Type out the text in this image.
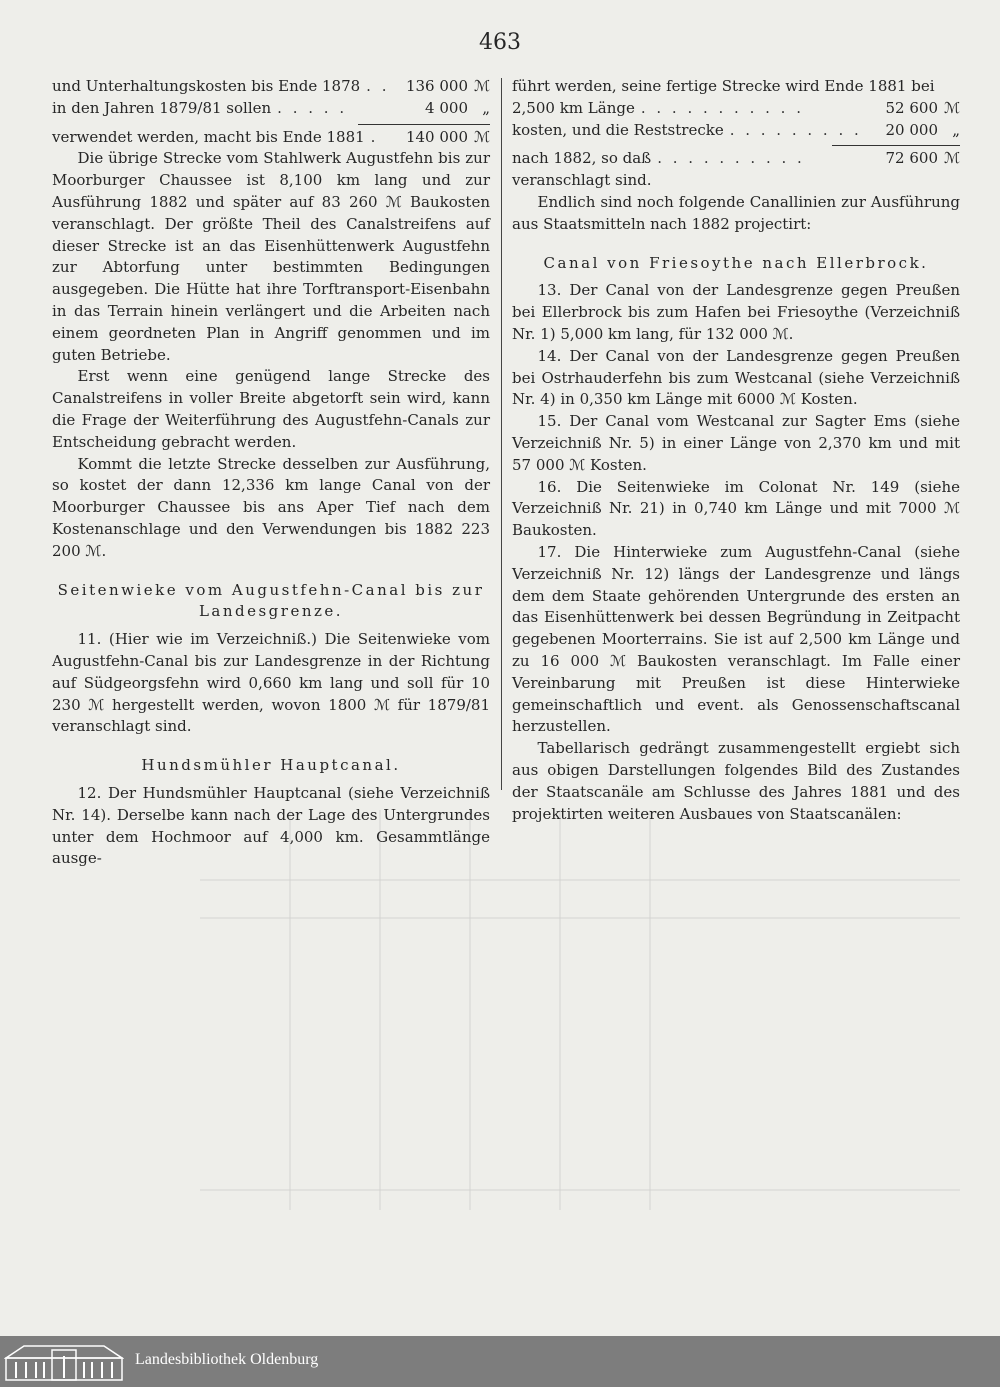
463
und Unterhaltungskosten bis Ende 1878 . .	136 000 ℳ
in den Jahren 1879/81 sollen . . . . .	4 000 „
verwendet werden, macht bis Ende 1881 .	140 000 ℳ

Die übrige Strecke vom Stahlwerk Augustfehn bis zur Moorburger Chaussee ist 8,100 km lang und zur Ausführung 1882 und später auf 83 260 ℳ Baukosten veranschlagt. Der größte Theil des Canalstreifens auf dieser Strecke ist an das Eisenhüttenwerk Augustfehn zur Abtorfung unter bestimmten Bedingungen ausgegeben. Die Hütte hat ihre Torftransport-Eisenbahn in das Terrain hinein verlängert und die Arbeiten nach einem geordneten Plan in Angriff genommen und im guten Betriebe.

Erst wenn eine genügend lange Strecke des Canalstreifens in voller Breite abgetorft sein wird, kann die Frage der Weiterführung des Augustfehn-Canals zur Entscheidung gebracht werden.

Kommt die letzte Strecke desselben zur Ausführung, so kostet der dann 12,336 km lange Canal von der Moorburger Chaussee bis ans Aper Tief nach dem Kostenanschlage und den Verwendungen bis 1882 223 200 ℳ.

Seitenwieke vom Augustfehn-Canal bis zur Landesgrenze.

11. (Hier wie im Verzeichniß.) Die Seitenwieke vom Augustfehn-Canal bis zur Landesgrenze in der Richtung auf Südgeorgsfehn wird 0,660 km lang und soll für 10 230 ℳ hergestellt werden, wovon 1800 ℳ für 1879/81 veranschlagt sind.

Hundsmühler Hauptcanal.

12. Der Hundsmühler Hauptcanal (siehe Verzeichniß Nr. 14). Derselbe kann nach der Lage des Untergrundes unter dem Hochmoor auf 4,000 km. Gesammtlänge ausge-

führt werden, seine fertige Strecke wird Ende 1881 bei

2,500 km Länge . . . . . . . . . . .	52 600 ℳ
kosten, und die Reststrecke . . . . . . . . .	20 000 „
nach 1882, so daß . . . . . . . . . .	72 600 ℳ

veranschlagt sind.

Endlich sind noch folgende Canallinien zur Ausführung aus Staatsmitteln nach 1882 projectirt:

Canal von Friesoythe nach Ellerbrock.

13. Der Canal von der Landesgrenze gegen Preußen bei Ellerbrock bis zum Hafen bei Friesoythe (Verzeichniß Nr. 1) 5,000 km lang, für 132 000 ℳ.

14. Der Canal von der Landesgrenze gegen Preußen bei Ostrhauderfehn bis zum Westcanal (siehe Verzeichniß Nr. 4) in 0,350 km Länge mit 6000 ℳ Kosten.

15. Der Canal vom Westcanal zur Sagter Ems (siehe Verzeichniß Nr. 5) in einer Länge von 2,370 km und mit 57 000 ℳ Kosten.

16. Die Seitenwieke im Colonat Nr. 149 (siehe Verzeichniß Nr. 21) in 0,740 km Länge und mit 7000 ℳ Baukosten.

17. Die Hinterwieke zum Augustfehn-Canal (siehe Verzeichniß Nr. 12) längs der Landesgrenze und längs dem dem Staate gehörenden Untergrunde des ersten an das Eisenhüttenwerk bei dessen Begründung in Zeitpacht gegebenen Moorterrains. Sie ist auf 2,500 km Länge und zu 16 000 ℳ Baukosten veranschlagt. Im Falle einer Vereinbarung mit Preußen ist diese Hinterwieke gemeinschaftlich und event. als Genossenschaftscanal herzustellen.

Tabellarisch gedrängt zusammengestellt ergiebt sich aus obigen Darstellungen folgendes Bild des Zustandes der Staatscanäle am Schlusse des Jahres 1881 und des projektirten weiteren Ausbaues von Staatscanälen:

Landesbibliothek Oldenburg
